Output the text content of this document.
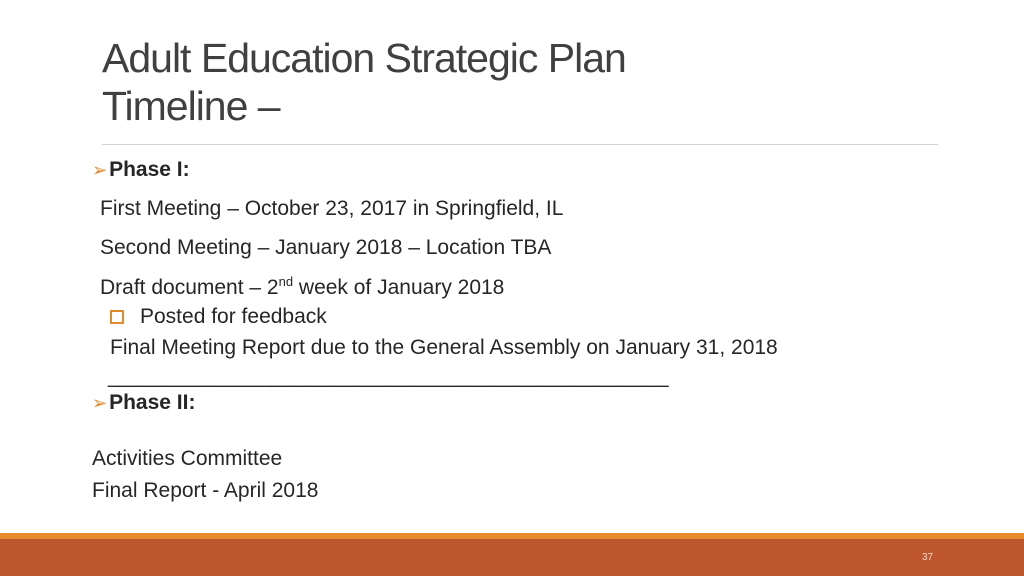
Adult Education Strategic Plan
Timeline –
➢Phase I:
First Meeting – October 23, 2017 in Springfield, IL
Second Meeting – January 2018 – Location TBA
Draft document – 2nd week of January 2018
Posted for feedback
Final Meeting Report due to the General Assembly on January 31, 2018
________________________________________________
➢Phase II:
Activities Committee
Final Report - April 2018
37
